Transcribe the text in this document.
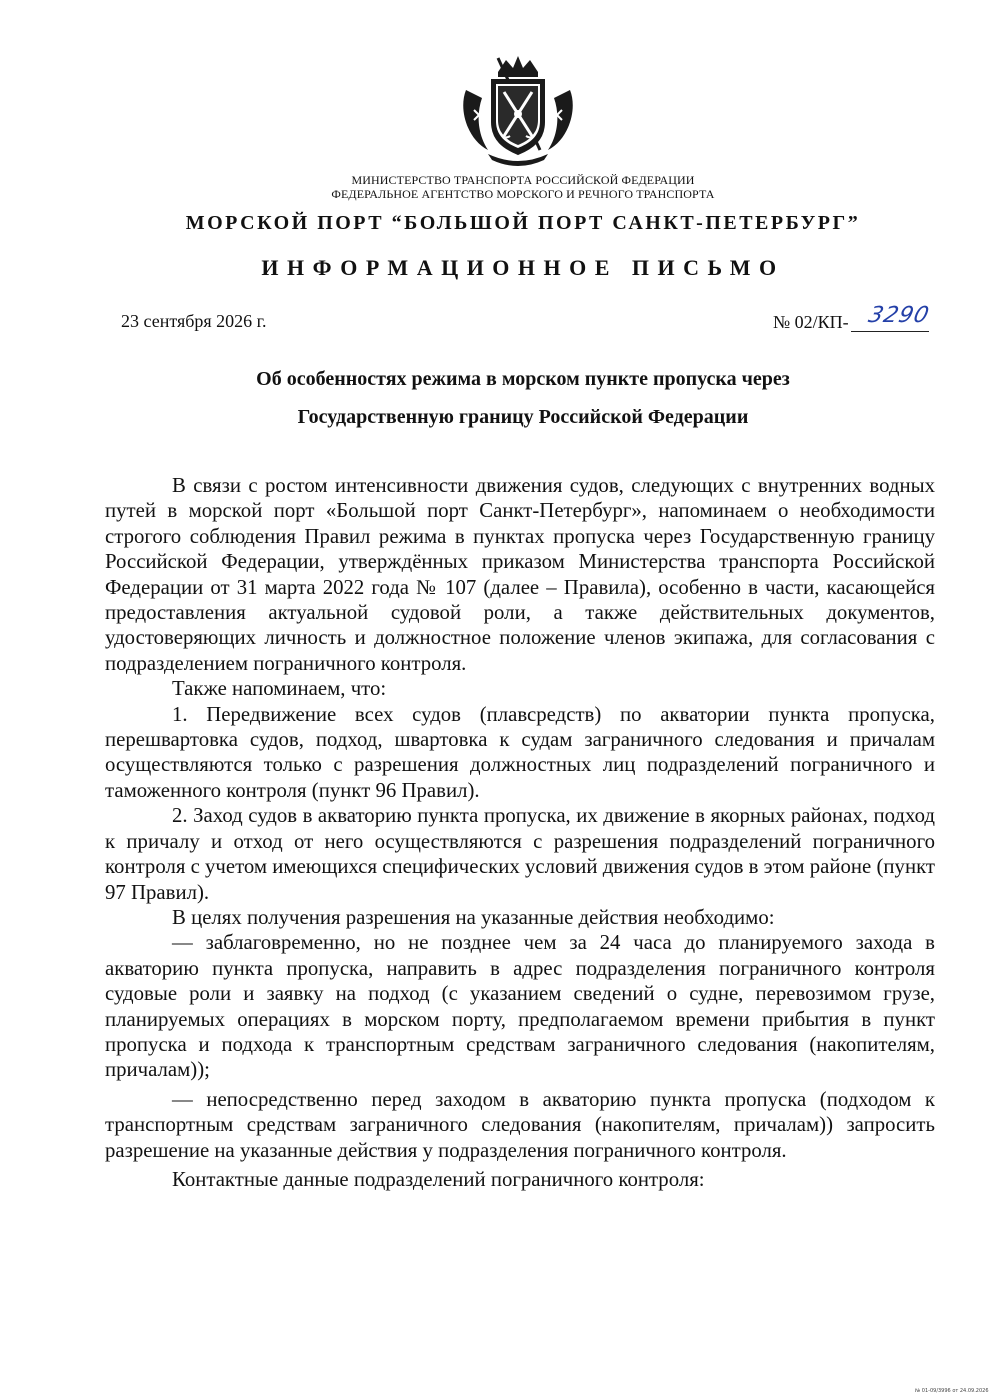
МИНИСТЕРСТВО ТРАНСПОРТА РОССИЙСКОЙ ФЕДЕРАЦИИ
ФЕДЕРАЛЬНОЕ АГЕНТСТВО МОРСКОГО И РЕЧНОГО ТРАНСПОРТА
МОРСКОЙ ПОРТ “БОЛЬШОЙ ПОРТ САНКТ-ПЕТЕРБУРГ”
ИНФОРМАЦИОННОЕ ПИСЬМО
23 сентября 2026 г.	№ 02/КП- 3290
Об особенностях режима в морском пункте пропуска через
Государственную границу Российской Федерации

В связи с ростом интенсивности движения судов, следующих с внутренних водных путей в морской порт «Большой порт Санкт-Петербург», напоминаем о необходимости строгого соблюдения Правил режима в пунктах пропуска через Государственную границу Российской Федерации, утверждённых приказом Министерства транспорта Российской Федерации от 31 марта 2022 года № 107 (далее – Правила), особенно в части, касающейся предоставления актуальной судовой роли, а также действительных документов, удостоверяющих личность и должностное положение членов экипажа, для согласования с подразделением пограничного контроля.

Также напоминаем, что:

1. Передвижение всех судов (плавсредств) по акватории пункта пропуска, перешвартовка судов, подход, швартовка к судам заграничного следования и причалам осуществляются только с разрешения должностных лиц подразделений пограничного и таможенного контроля (пункт 96 Правил).

2. Заход судов в акваторию пункта пропуска, их движение в якорных районах, подход к причалу и отход от него осуществляются с разрешения подразделений пограничного контроля с учетом имеющихся специфических условий движения судов в этом районе (пункт 97 Правил).

В целях получения разрешения на указанные действия необходимо:

— заблаговременно, но не позднее чем за 24 часа до планируемого захода в акваторию пункта пропуска, направить в адрес подразделения пограничного контроля судовые роли и заявку на подход (с указанием сведений о судне, перевозимом грузе, планируемых операциях в морском порту, предполагаемом времени прибытия в пункт пропуска и подхода к транспортным средствам заграничного следования (накопителям, причалам));

— непосредственно перед заходом в акваторию пункта пропуска (подходом к транспортным средствам заграничного следования (накопителям, причалам)) запросить разрешение на указанные действия у подразделения пограничного контроля.

Контактные данные подразделений пограничного контроля:

№ 01-09/3996 от 24.09.2026
